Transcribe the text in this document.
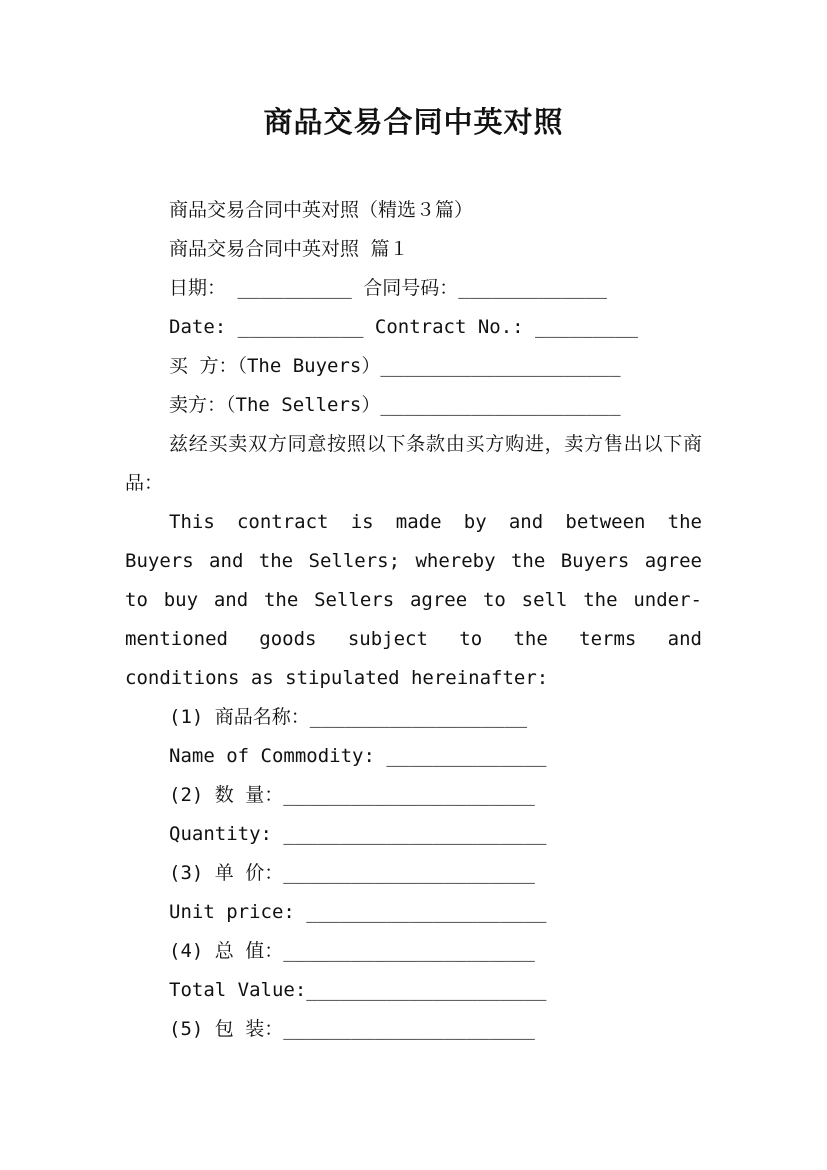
商品交易合同中英对照
商品交易合同中英对照（精选３篇）
商品交易合同中英对照 篇１
日期： __________ 合同号码：_____________
Date: ___________ Contract No.: _________
买 方：（The Buyers）_____________________
卖方：（The Sellers）_____________________
兹经买卖双方同意按照以下条款由买方购进，卖方售出以下商品：
This contract is made by and between the Buyers and the Sellers; whereby the Buyers agree to buy and the Sellers agree to sell the under-mentioned goods subject to the terms and conditions as stipulated hereinafter:
(1) 商品名称：___________________
Name of Commodity: ______________
(2) 数 量：______________________
Quantity: _______________________
(3) 单 价：______________________
Unit price: _____________________
(4) 总 值：______________________
Total Value:_____________________
(5) 包 装：______________________
